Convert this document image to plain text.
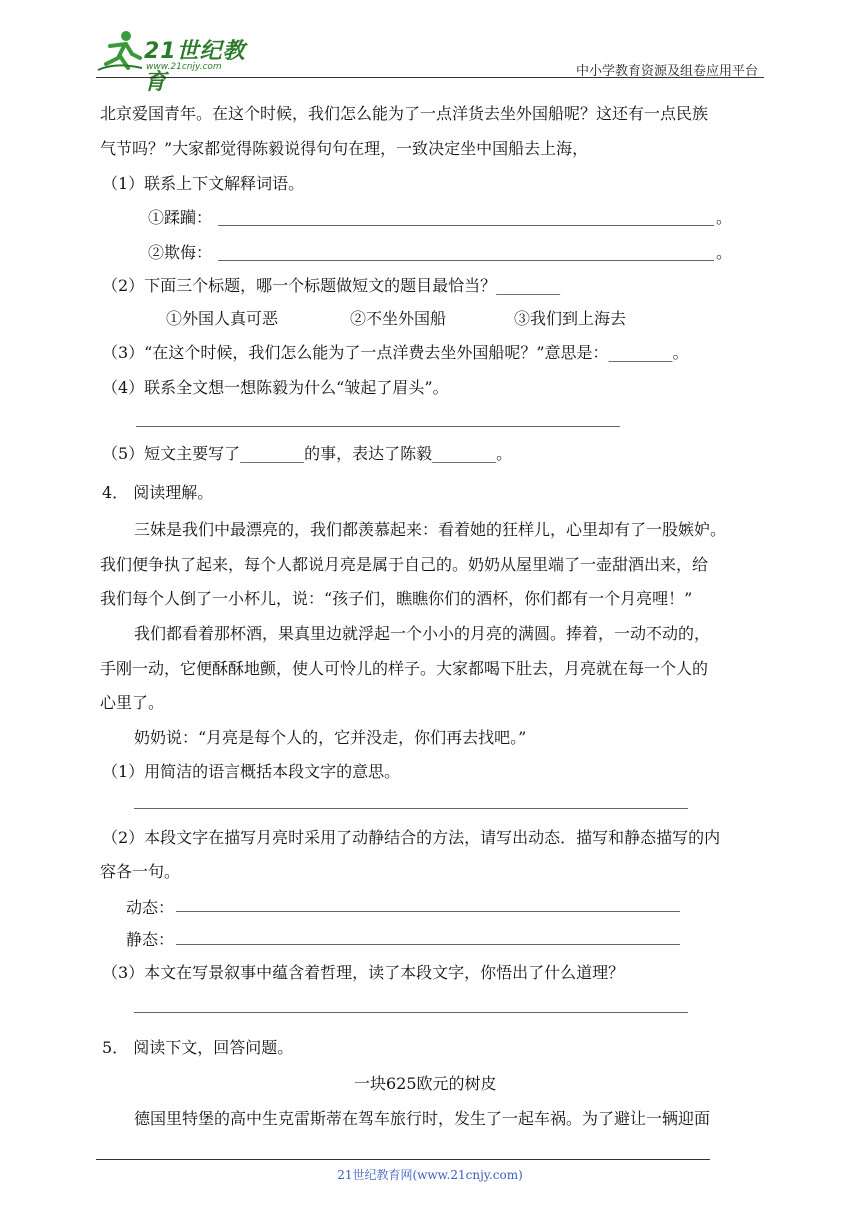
21世纪教育
www.21cnjy.com	中小学教育资源及组卷应用平台
北京爱国青年。在这个时候，我们怎么能为了一点洋货去坐外国船呢？这还有一点民族
气节吗？”大家都觉得陈毅说得句句在理，一致决定坐中国船去上海，
（1）联系上下文解释词语。
①蹂躏：	。
②欺侮：	。
（2）下面三个标题，哪一个标题做短文的题目最恰当？________
①外国人真可恶	②不坐外国船	③我们到上海去
（3）“在这个时候，我们怎么能为了一点洋费去坐外国船呢？”意思是：________。
（4）联系全文想一想陈毅为什么“皱起了眉头”。
（5）短文主要写了________的事，表达了陈毅________。
4． 阅读理解。
三妹是我们中最漂亮的，我们都羡慕起来：看着她的狂样儿，心里却有了一股嫉妒。
我们便争执了起来，每个人都说月亮是属于自己的。奶奶从屋里端了一壶甜酒出来，给
我们每个人倒了一小杯儿，说：“孩子们，瞧瞧你们的酒杯，你们都有一个月亮哩！”
我们都看着那杯酒，果真里边就浮起一个小小的月亮的满圆。捧着，一动不动的，
手刚一动，它便酥酥地颤，使人可怜儿的样子。大家都喝下肚去，月亮就在每一个人的
心里了。
奶奶说：“月亮是每个人的，它并没走，你们再去找吧。”
（1）用简洁的语言概括本段文字的意思。
（2）本段文字在描写月亮时采用了动静结合的方法，请写出动态．描写和静态描写的内
容各一句。
动态：
静态：
（3）本文在写景叙事中蕴含着哲理，读了本段文字，你悟出了什么道理？
5． 阅读下文，回答问题。
一块625欧元的树皮
德国里特堡的高中生克雷斯蒂在驾车旅行时，发生了一起车祸。为了避让一辆迎面
21世纪教育网(www.21cnjy.com)
